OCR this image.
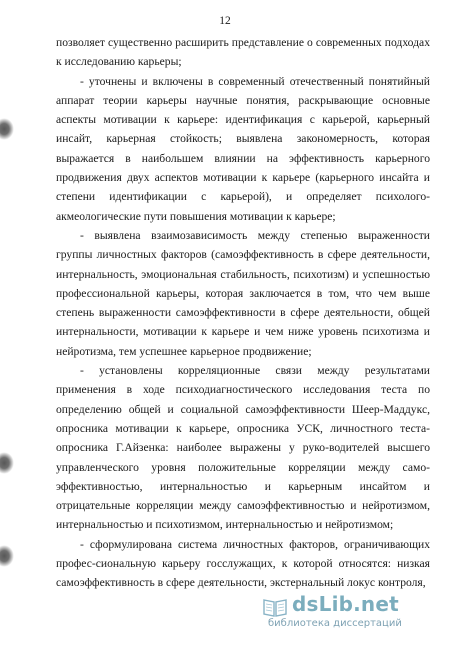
12

позволяет существенно расширить представление о современных подходах к исследованию карьеры;

- уточнены и включены в современный отечественный понятийный аппарат теории карьеры научные понятия, раскрывающие основные аспекты мотивации к карьере: идентификация с карьерой, карьерный инсайт, карьерная стойкость; выявлена закономерность, которая выражается в наибольшем влиянии на эффективность карьерного продвижения двух аспектов мотивации к карьере (карьерного инсайта и степени идентификации с карьерой), и определяет психолого-акмеологические пути повышения мотивации к карьере;

- выявлена взаимозависимость между степенью выраженности группы личностных факторов (самоэффективность в сфере деятельности, интернальность, эмоциональная стабильность, психотизм) и успешностью профессиональной карьеры, которая заключается в том, что чем выше степень выраженности самоэффективности в сфере деятельности, общей интернальности, мотивации к карьере и чем ниже уровень психотизма и нейротизма, тем успешнее карьерное продвижение;

- установлены корреляционные связи между результатами применения в ходе психодиагностического исследования теста по определению общей и социальной самоэффективности Шеер-Маддукс, опросника мотивации к карьере, опросника УСК, личностного теста-опросника Г.Айзенка: наиболее выражены у руко-водителей высшего управленческого уровня положительные корреляции между само-эффективностью, интернальностью и карьерным инсайтом и отрицательные корреляции между самоэффективностью и нейротизмом, интернальностью и психотизмом, интернальностью и нейротизмом;

- сформулирована система личностных факторов, ограничивающих профес-сиональную карьеру госслужащих, к которой относятся: низкая самоэффективность в сфере деятельности, экстернальный локус контроля,

dsLib.net
библиотека диссертаций
